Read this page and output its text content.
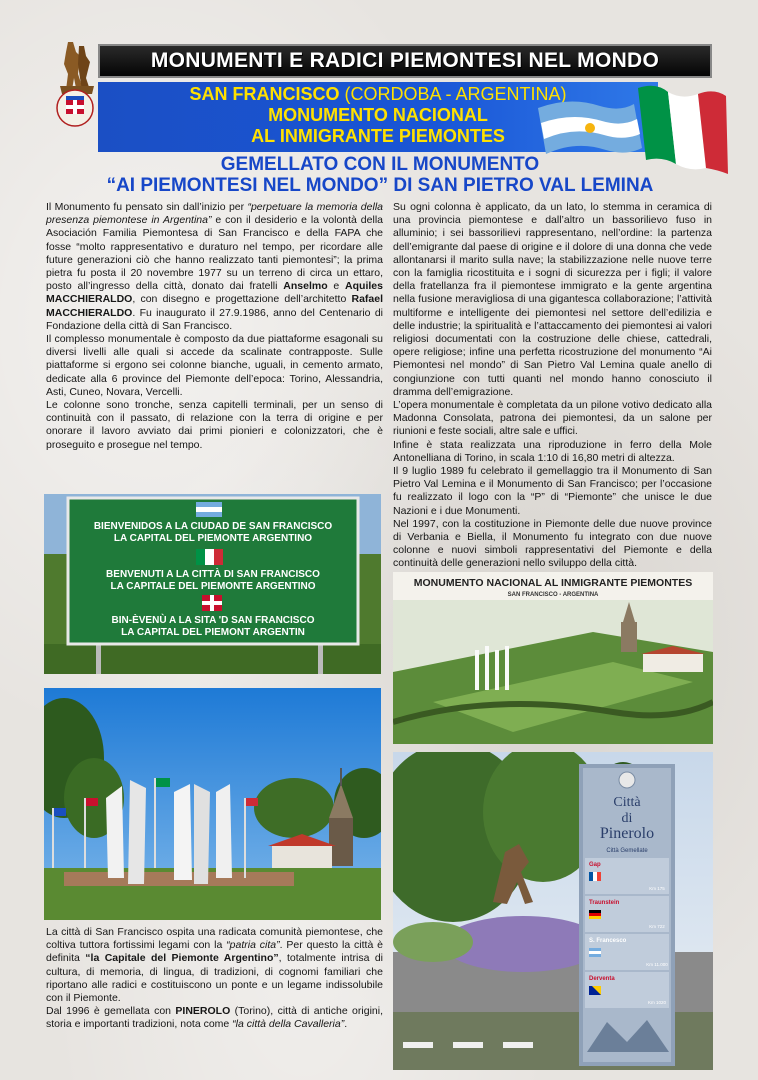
MONUMENTI E RADICI PIEMONTESI NEL MONDO
SAN FRANCISCO (CORDOBA - ARGENTINA)
MONUMENTO NACIONAL
AL INMIGRANTE PIEMONTES
GEMELLATO CON IL MONUMENTO
“AI PIEMONTESI NEL MONDO” DI SAN PIETRO VAL LEMINA

Il Monumento fu pensato sin dall’inizio per “perpetuare la memoria della presenza piemontese in Argentina” e con il desiderio e la volontà della Asociación Familia Piemontesa di San Francisco e della FAPA che fosse “molto rappresentativo e duraturo nel tempo, per ricordare alle future generazioni ciò che hanno realizzato tanti piemontesi”; la prima pietra fu posta il 20 novembre 1977 su un terreno di circa un ettaro, posto all’ingresso della città, donato dai fratelli Anselmo e Aquiles MACCHIERALDO, con disegno e progettazione dell’architetto Rafael MACCHIERALDO. Fu inaugurato il 27.9.1986, anno del Centenario di Fondazione della città di San Francisco.

Il complesso monumentale è composto da due piattaforme esagonali su diversi livelli alle quali si accede da scalinate contrapposte. Sulle piattaforme si ergono sei colonne bianche, uguali, in cemento armato, dedicate alla 6 province del Piemonte dell’epoca: Torino, Alessandria, Asti, Cuneo, Novara, Vercelli.

Le colonne sono tronche, senza capitelli terminali, per un senso di continuità con il passato, di relazione con la terra di origine e per onorare il lavoro avviato dai primi pionieri e colonizzatori, che è proseguito e prosegue nel tempo.

Su ogni colonna è applicato, da un lato, lo stemma in ceramica di una provincia piemontese e dall’altro un bassorilievo fuso in alluminio; i sei bassorilievi rappresentano, nell’ordine: la partenza dell’emigrante dal paese di origine e il dolore di una donna che vede allontanarsi il marito sulla nave; la stabilizzazione nelle nuove terre con la famiglia ricostituita e i sogni di sicurezza per i figli; il valore della fratellanza fra il piemontese immigrato e la gente argentina nella fusione meravigliosa di una gigantesca collaborazione; l’attività multiforme e intelligente dei piemontesi nel settore dell’edilizia e delle industrie; la spiritualità e l’attaccamento dei piemontesi ai valori religiosi documentati con la costruzione delle chiese, cattedrali, opere religiose; infine una perfetta ricostruzione del monumento “Ai Piemontesi nel mondo” di San Pietro Val Lemina quale anello di congiunzione con tutti quanti nel mondo hanno conosciuto il dramma dell’emigrazione.

L’opera monumentale è completata da un pilone votivo dedicato alla Madonna Consolata, patrona dei piemontesi, da un salone per riunioni e feste sociali, altre sale e uffici.

Infine è stata realizzata una riproduzione in ferro della Mole Antonelliana di Torino, in scala 1:10 di 16,80 metri di altezza.

Il 9 luglio 1989 fu celebrato il gemellaggio tra il Monumento di San Pietro Val Lemina e il Monumento di San Francisco; per l’occasione fu realizzato il logo con la “P” di “Piemonte” che unisce le due Nazioni e i due Monumenti.

Nel 1997, con la costituzione in Piemonte delle due nuove province di Verbania e Biella, il Monumento fu integrato con due nuove colonne e nuovi simboli rappresentativi del Piemonte e della continuità delle generazioni nello sviluppo della città.

BIENVENIDOS A LA CIUDAD DE SAN FRANCISCO
LA CAPITAL DEL PIEMONTE ARGENTINO
BENVENUTI A LA CITTÀ DI SAN FRANCISCO
LA CAPITALE DEL PIEMONTE ARGENTINO
BIN-ÈVENÙ A LA SITA 'D SAN FRANCISCO
LA CAPITAL DEL PIEMONT ARGENTIN

La città di San Francisco ospita una radicata comunità piemontese, che coltiva tuttora fortissimi legami con la “patria cita”. Per questo la città è definita “la Capitale del Piemonte Argentino”, totalmente intrisa di cultura, di memoria, di lingua, di tradizioni, di cognomi familiari che riportano alle radici e costituiscono un ponte e un legame indissolubile con il Piemonte.

Dal 1996 è gemellata con PINEROLO (Torino), città di antiche origini, storia e importanti tradizioni, nota come “la città della Cavalleria”.

MONUMENTO NACIONAL AL INMIGRANTE PIEMONTES
SAN FRANCISCO - ARGENTINA
Città
di
Pinerolo
Città Gemellate
Gap
Km 175
Traunstein
Km 722
S. Francesco
Km 11.000
Derventa
Km 1020
